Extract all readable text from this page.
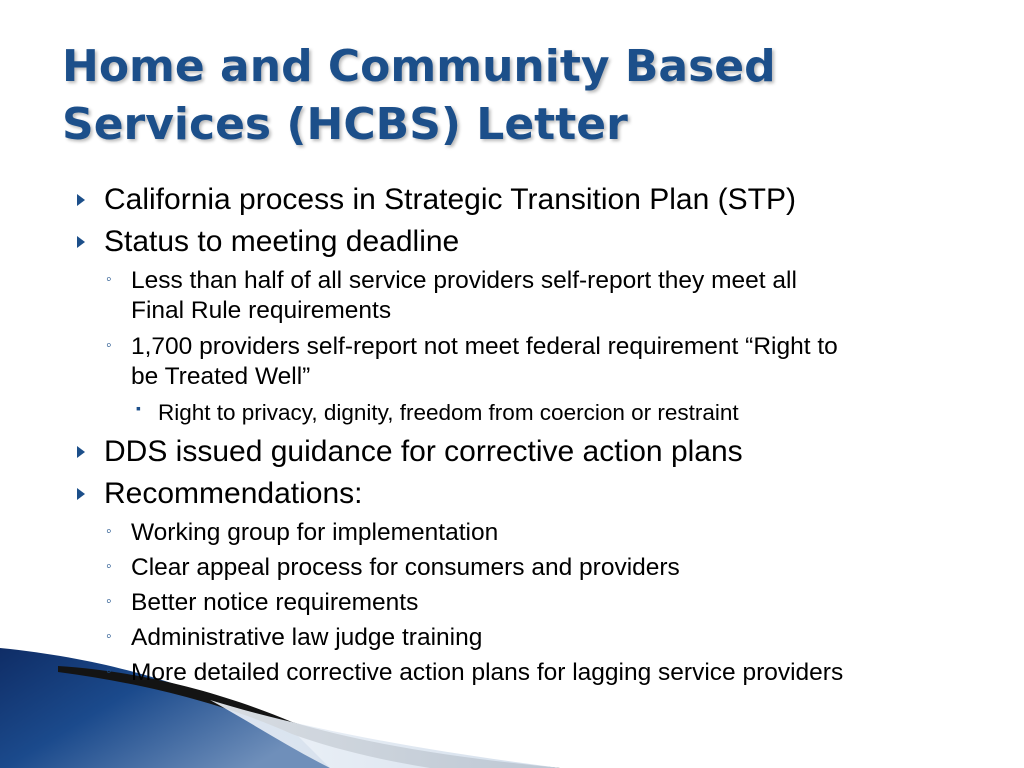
Home and Community Based
Services (HCBS) Letter
California process in Strategic Transition Plan (STP)
Status to meeting deadline
◦ Less than half of all service providers self-report they meet all
Final Rule requirements
◦ 1,700 providers self-report not meet federal requirement “Right to
be Treated Well”
▪ Right to privacy, dignity, freedom from coercion or restraint
DDS issued guidance for corrective action plans
Recommendations:
◦ Working group for implementation
◦ Clear appeal process for consumers and providers
◦ Better notice requirements
◦ Administrative law judge training
◦ More detailed corrective action plans for lagging service providers
